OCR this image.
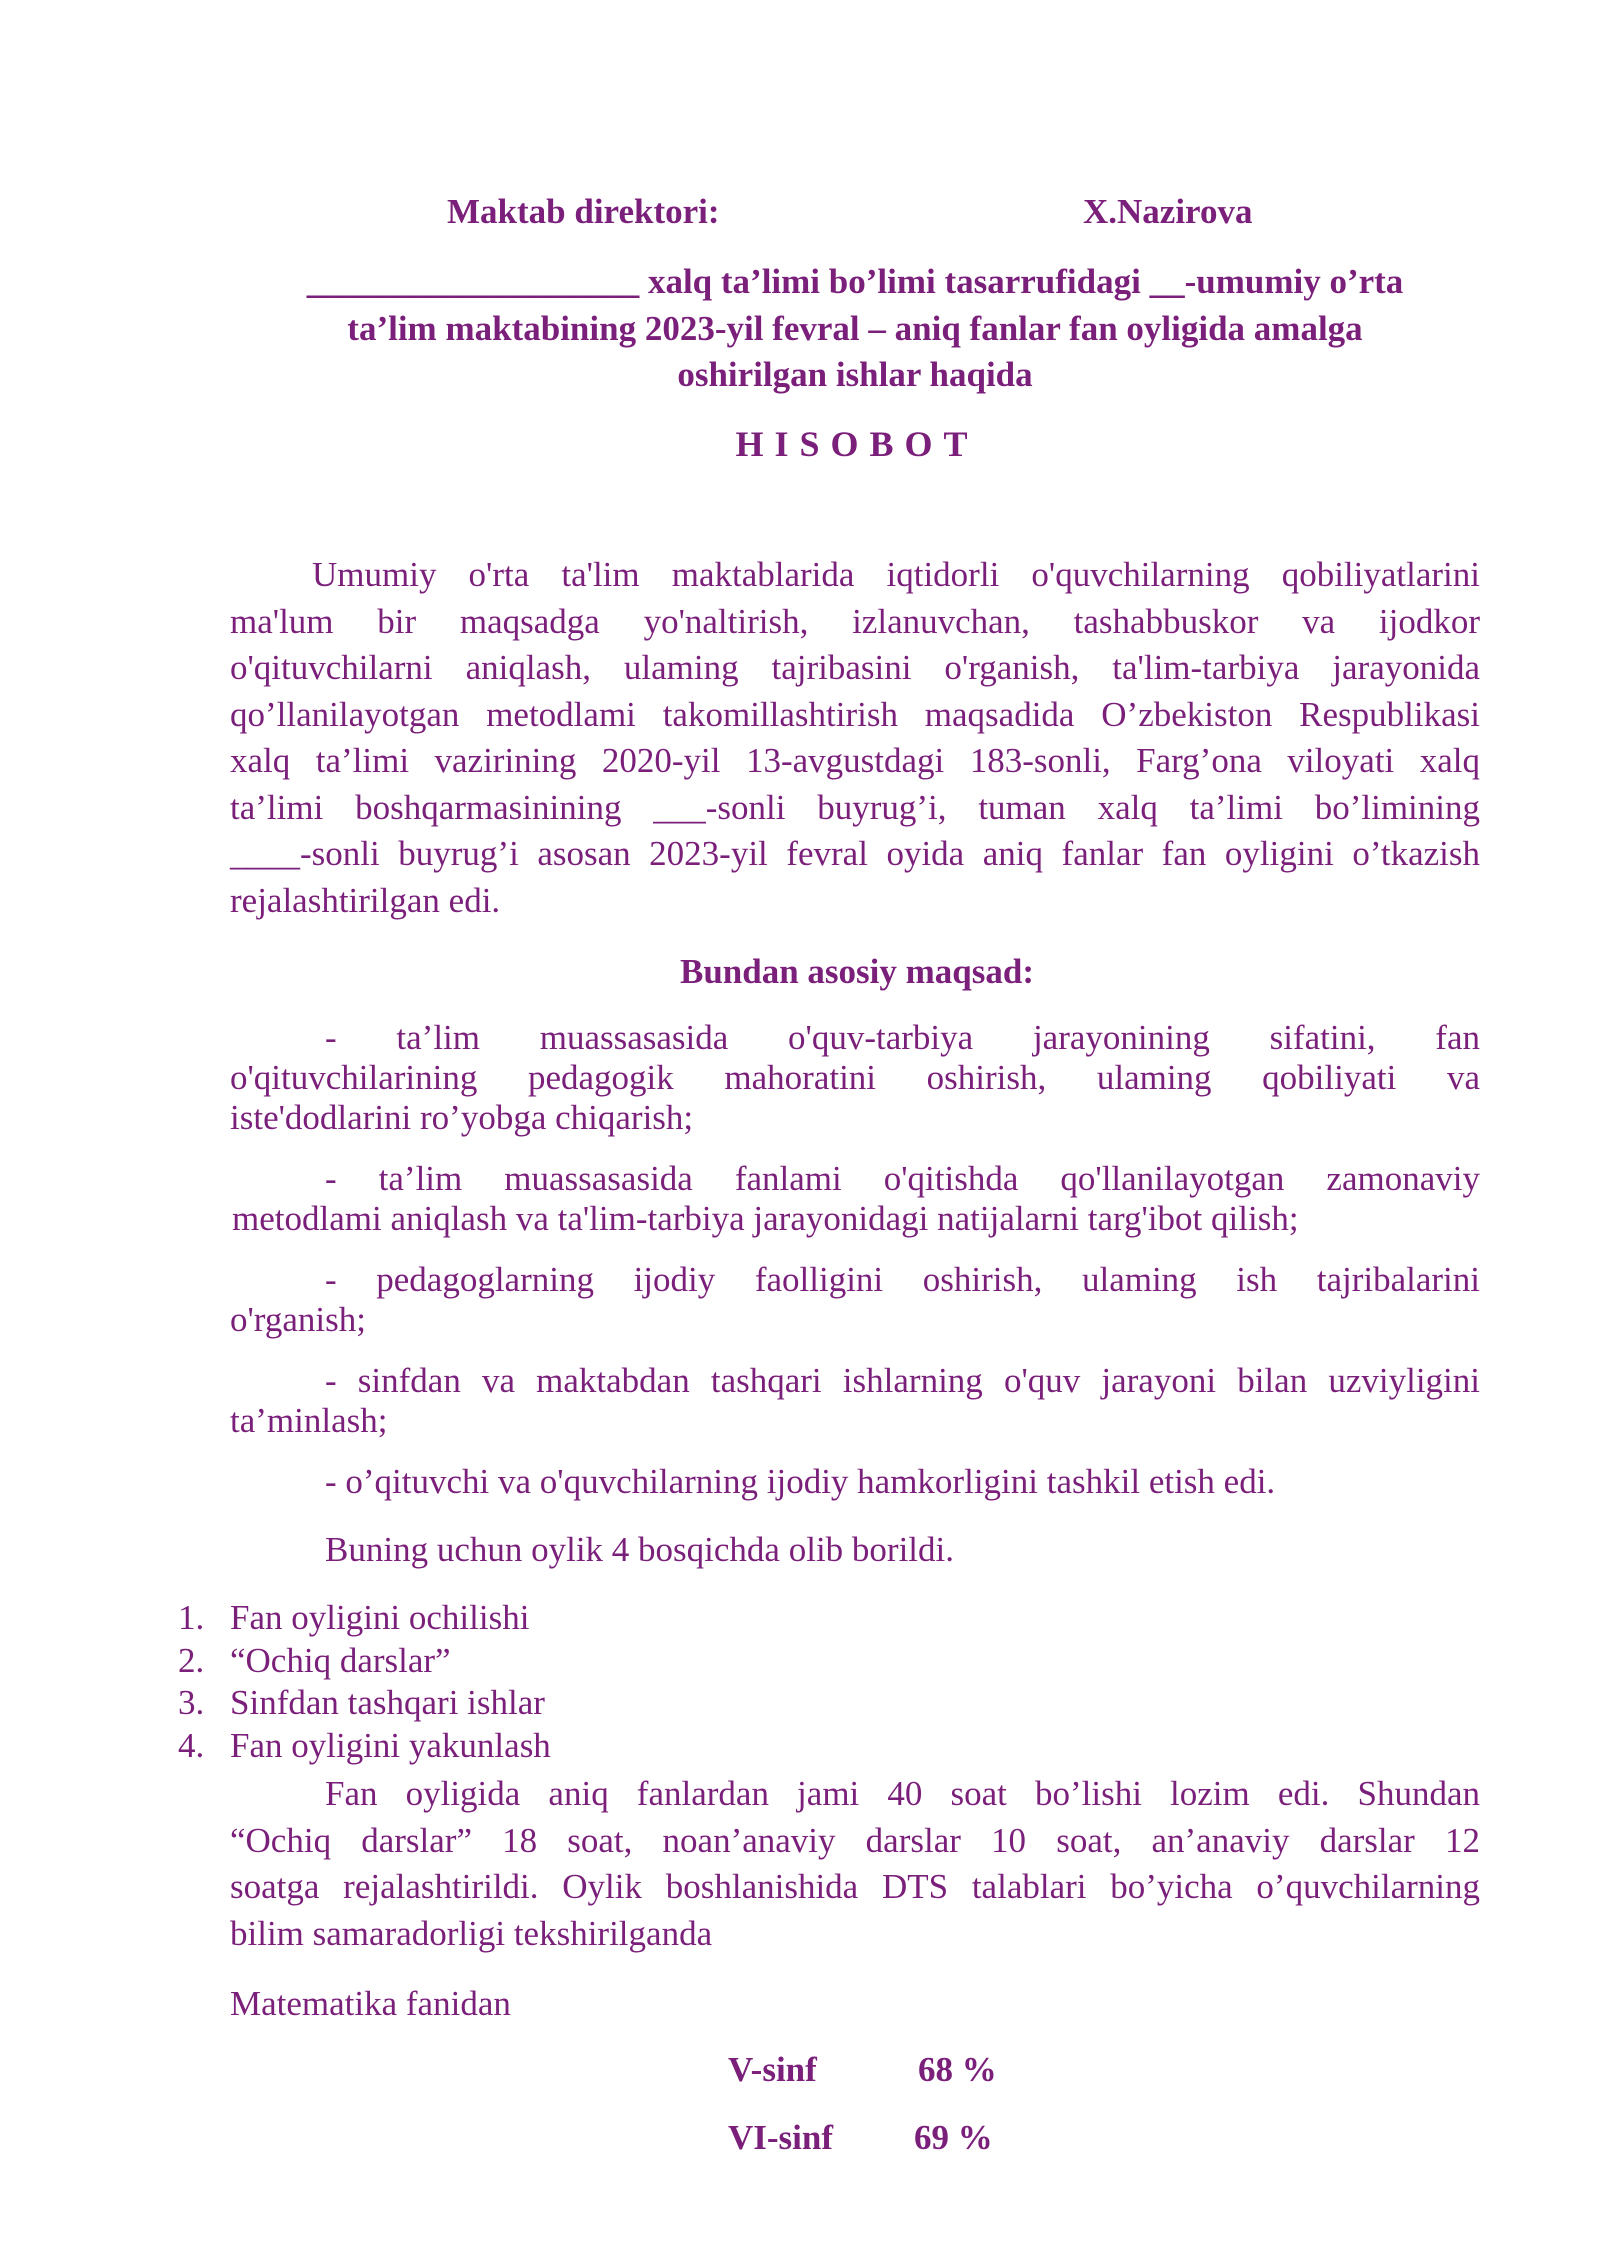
Maktab direktori:	X.Nazirova
___________________ xalq ta’limi bo’limi tasarrufidagi __-umumiy o’rta
ta’lim maktabining 2023-yil fevral – aniq fanlar fan oyligida amalga
oshirilgan ishlar haqida
HISOBOT
Umumiy o'rta ta'lim maktablarida iqtidorli o'quvchilarning qobiliyatlarini
ma'lum bir maqsadga yo'naltirish, izlanuvchan, tashabbuskor va ijodkor
o'qituvchilarni aniqlash, ulaming tajribasini o'rganish, ta'lim-tarbiya jarayonida
qo’llanilayotgan metodlami takomillashtirish maqsadida O’zbekiston Respublikasi
xalq ta’limi vazirining 2020-yil 13-avgustdagi 183-sonli, Farg’ona viloyati xalq
ta’limi boshqarmasinining ___-sonli buyrug’i, tuman xalq ta’limi bo’limining
____-sonli buyrug’i asosan 2023-yil fevral oyida aniq fanlar fan oyligini o’tkazish
rejalashtirilgan edi.
Bundan asosiy maqsad:
- ta’lim muassasasida o'quv-tarbiya jarayonining sifatini, fan
o'qituvchilarining pedagogik mahoratini oshirish, ulaming qobiliyati va
iste'dodlarini ro’yobga chiqarish;
- ta’lim muassasasida fanlami o'qitishda qo'llanilayotgan zamonaviy
metodlami aniqlash va ta'lim-tarbiya jarayonidagi natijalarni targ'ibot qilish;
- pedagoglarning ijodiy faolligini oshirish, ulaming ish tajribalarini
o'rganish;
- sinfdan va maktabdan tashqari ishlarning o'quv jarayoni bilan uzviyligini
ta’minlash;
- o’qituvchi va o'quvchilarning ijodiy hamkorligini tashkil etish edi.
Buning uchun oylik 4 bosqichda olib borildi.
1. Fan oyligini ochilishi
2. “Ochiq darslar”
3. Sinfdan tashqari ishlar
4. Fan oyligini yakunlash
Fan oyligida aniq fanlardan jami 40 soat bo’lishi lozim edi. Shundan
“Ochiq darslar” 18 soat, noan’anaviy darslar 10 soat, an’anaviy darslar 12
soatga rejalashtirildi. Oylik boshlanishida DTS talablari bo’yicha o’quvchilarning
bilim samaradorligi tekshirilganda
Matematika fanidan
V-sinf	68 %
VI-sinf 69 %
